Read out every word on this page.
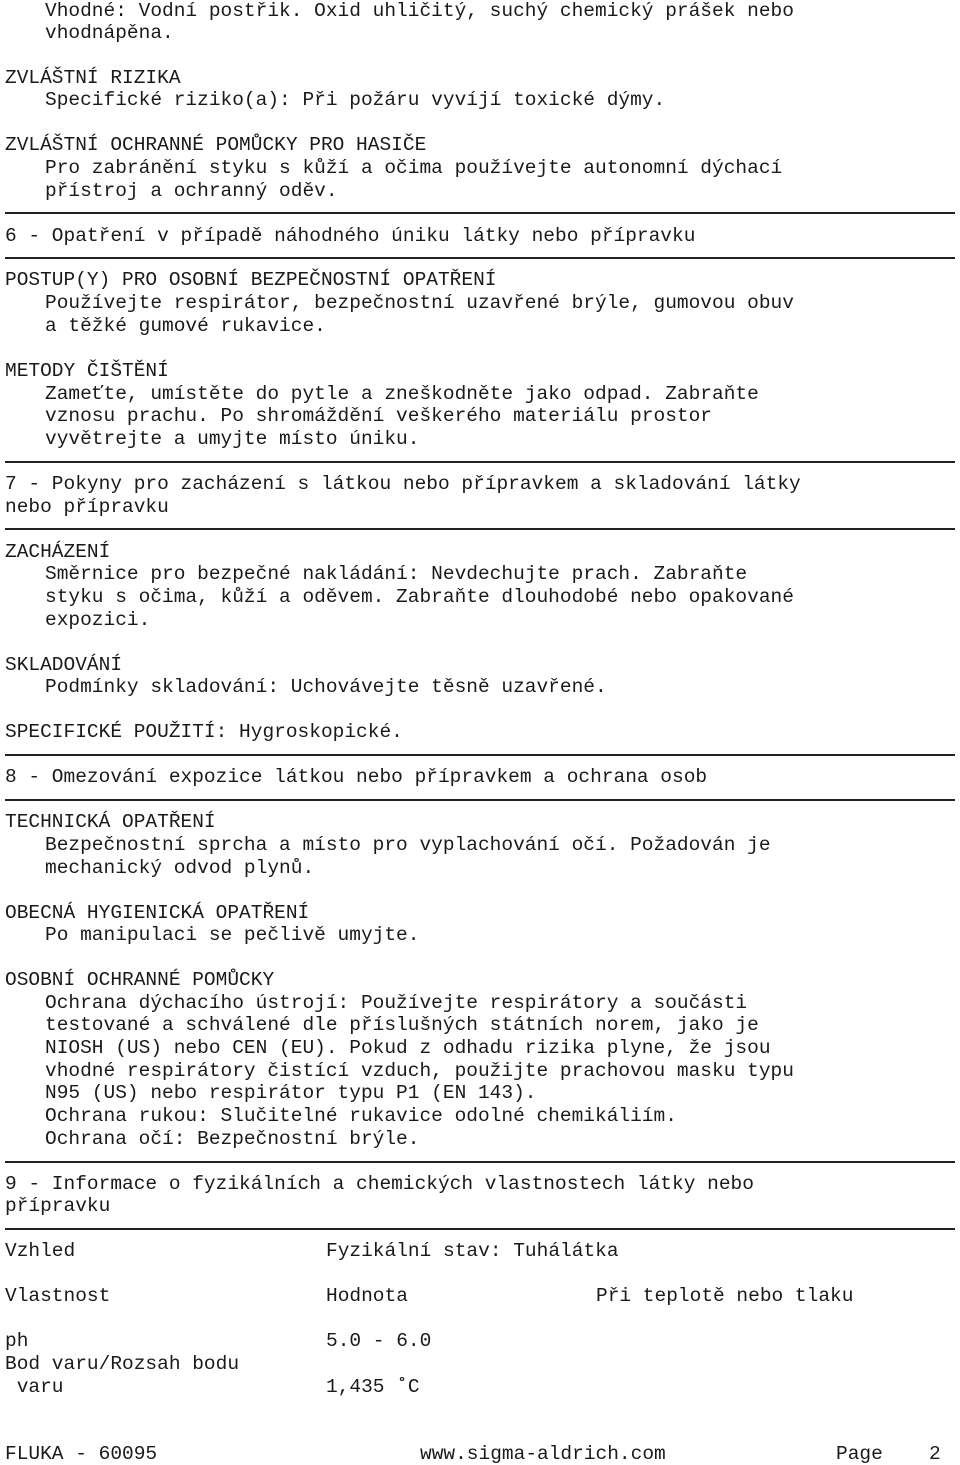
Vhodné: Vodní postřik. Oxid uhličitý, suchý chemický prášek nebo
vhodnápěna.
ZVLÁŠTNÍ RIZIKA
Specifické riziko(a): Při požáru vyvíjí toxické dýmy.
ZVLÁŠTNÍ OCHRANNÉ POMŮCKY PRO HASIČE
Pro zabránění styku s kůží a očima používejte autonomní dýchací
přístroj a ochranný oděv.
6 - Opatření v případě náhodného úniku látky nebo přípravku
POSTUP(Y) PRO OSOBNÍ BEZPEČNOSTNÍ OPATŘENÍ
Používejte respirátor, bezpečnostní uzavřené brýle, gumovou obuv
a těžké gumové rukavice.
METODY ČIŠTĚNÍ
Zameťte, umístěte do pytle a zneškodněte jako odpad. Zabraňte
vznosu prachu. Po shromáždění veškerého materiálu prostor
vyvětrejte a umyjte místo úniku.
7 - Pokyny pro zacházení s látkou nebo přípravkem a skladování látky
nebo přípravku
ZACHÁZENÍ
Směrnice pro bezpečné nakládání: Nevdechujte prach. Zabraňte
styku s očima, kůží a oděvem. Zabraňte dlouhodobé nebo opakované
expozici.
SKLADOVÁNÍ
Podmínky skladování: Uchovávejte těsně uzavřené.
SPECIFICKÉ POUŽITÍ: Hygroskopické.
8 - Omezování expozice látkou nebo přípravkem a ochrana osob
TECHNICKÁ OPATŘENÍ
Bezpečnostní sprcha a místo pro vyplachování očí. Požadován je
mechanický odvod plynů.
OBECNÁ HYGIENICKÁ OPATŘENÍ
Po manipulaci se pečlivě umyjte.
OSOBNÍ OCHRANNÉ POMŮCKY
Ochrana dýchacího ústrojí: Používejte respirátory a součásti
testované a schválené dle příslušných státních norem, jako je
NIOSH (US) nebo CEN (EU). Pokud z odhadu rizika plyne, že jsou
vhodné respirátory čistící vzduch, použijte prachovou masku typu
N95 (US) nebo respirátor typu P1 (EN 143).
Ochrana rukou: Slučitelné rukavice odolné chemikáliím.
Ochrana očí: Bezpečnostní brýle.
9 - Informace o fyzikálních a chemických vlastnostech látky nebo
přípravku
Vzhled	Fyzikální stav: Tuhálátka
Vlastnost	Hodnota	Při teplotě nebo tlaku
ph	5.0 - 6.0
Bod varu/Rozsah bodu
varu	1,435 ˚C
FLUKA - 60095	www.sigma-aldrich.com	Page 2
